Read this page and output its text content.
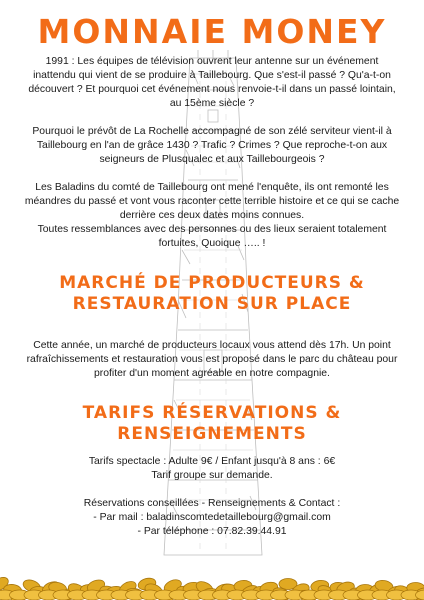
MONNAIE MONEY

1991 : Les équipes de télévision ouvrent leur antenne sur un événement inattendu qui vient de se produire à Taillebourg. Que s'est-il passé ? Qu'a-t-on découvert ? Et pourquoi cet événement nous renvoie-t-il dans un passé lointain, au 15ème siècle ?

Pourquoi le prévôt de La Rochelle accompagné de son zélé serviteur vient-il à Taillebourg en l'an de grâce 1430 ? Trafic ? Crimes ? Que reproche-t-on aux seigneurs de Plusqualec et aux Taillebourgeois ?

Les Baladins du comté de Taillebourg ont mené l'enquête, ils ont remonté les méandres du passé et vont vous raconter cette terrible histoire et ce qui se cache derrière ces deux dates moins connues.

Toutes ressemblances avec des personnes ou des lieux seraient totalement fortuites, Quoique ….. !

MARCHÉ DE PRODUCTEURS & RESTAURATION SUR PLACE

Cette année, un marché de producteurs locaux vous attend dès 17h. Un point rafraîchissements et restauration vous est proposé dans le parc du château pour profiter d'un moment agréable en notre compagnie.

TARIFS RÉSERVATIONS & RENSEIGNEMENTS

Tarifs spectacle : Adulte 9€ / Enfant jusqu'à 8 ans : 6€

Tarif groupe sur demande.

Réservations conseillées - Renseignements & Contact :

- Par mail : baladinscomtedetaillebourg@gmail.com

- Par téléphone : 07.82.39.44.91
